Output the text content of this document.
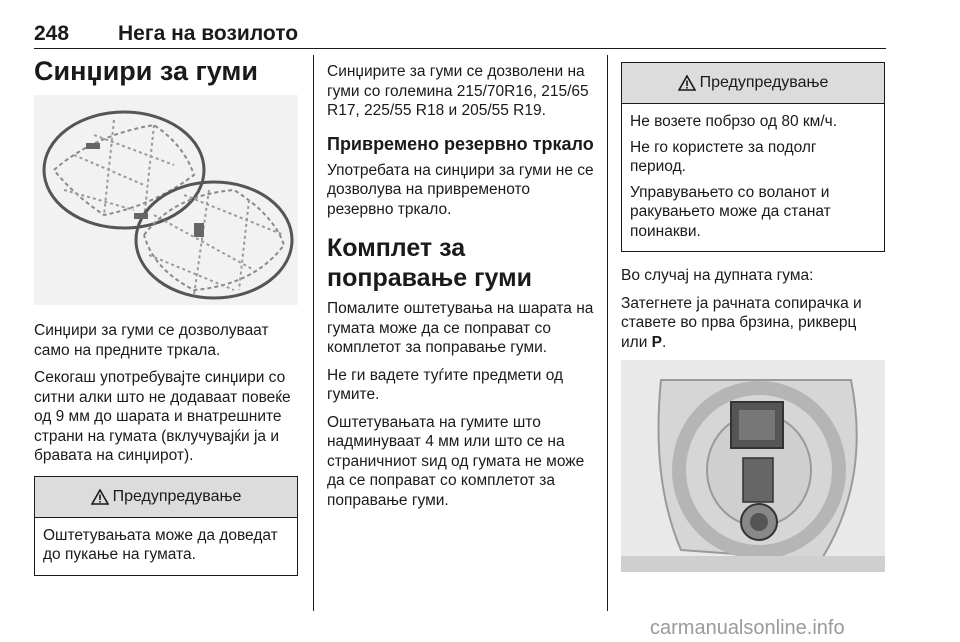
248 Нега на возилото
Синџири за гуми

Синџири за гуми се дозволуваат само на предните тркала.

Секогаш употребувајте синџири со ситни алки што не додаваат повеќе од 9 мм до шарата и внатрешните страни на гумата (вклучувајќи ја и бравата на синџирот).

Предупредување

Оштетувањата може да доведат до пукање на гумата.

Синџирите за гуми се дозволени на гуми со големина 215/70R16, 215/65 R17, 225/55 R18 и 205/55 R19.

Привремено резервно тркало

Употребата на синџири за гуми не се дозволува на привременото резервно тркало.

Комплет за поправање гуми

Помалите оштетувања на шарата на гумата може да се поправат со комплетот за поправање гуми.

Не ги вадете туѓите предмети од гумите.

Оштетувањата на гумите што надминуваат 4 мм или што се на страничниот sид од гумата не може да се поправат со комплетот за поправање гуми.

Предупредување

Не возете побрзо од 80 км/ч.

Не го користете за подолг период.

Управувањето со воланот и ракувањето може да станат поинакви.

Во случај на дупната гума:

Затегнете ја рачната сопирачка и ставете во прва брзина, рикверц или P.

carmanualsonline.info
